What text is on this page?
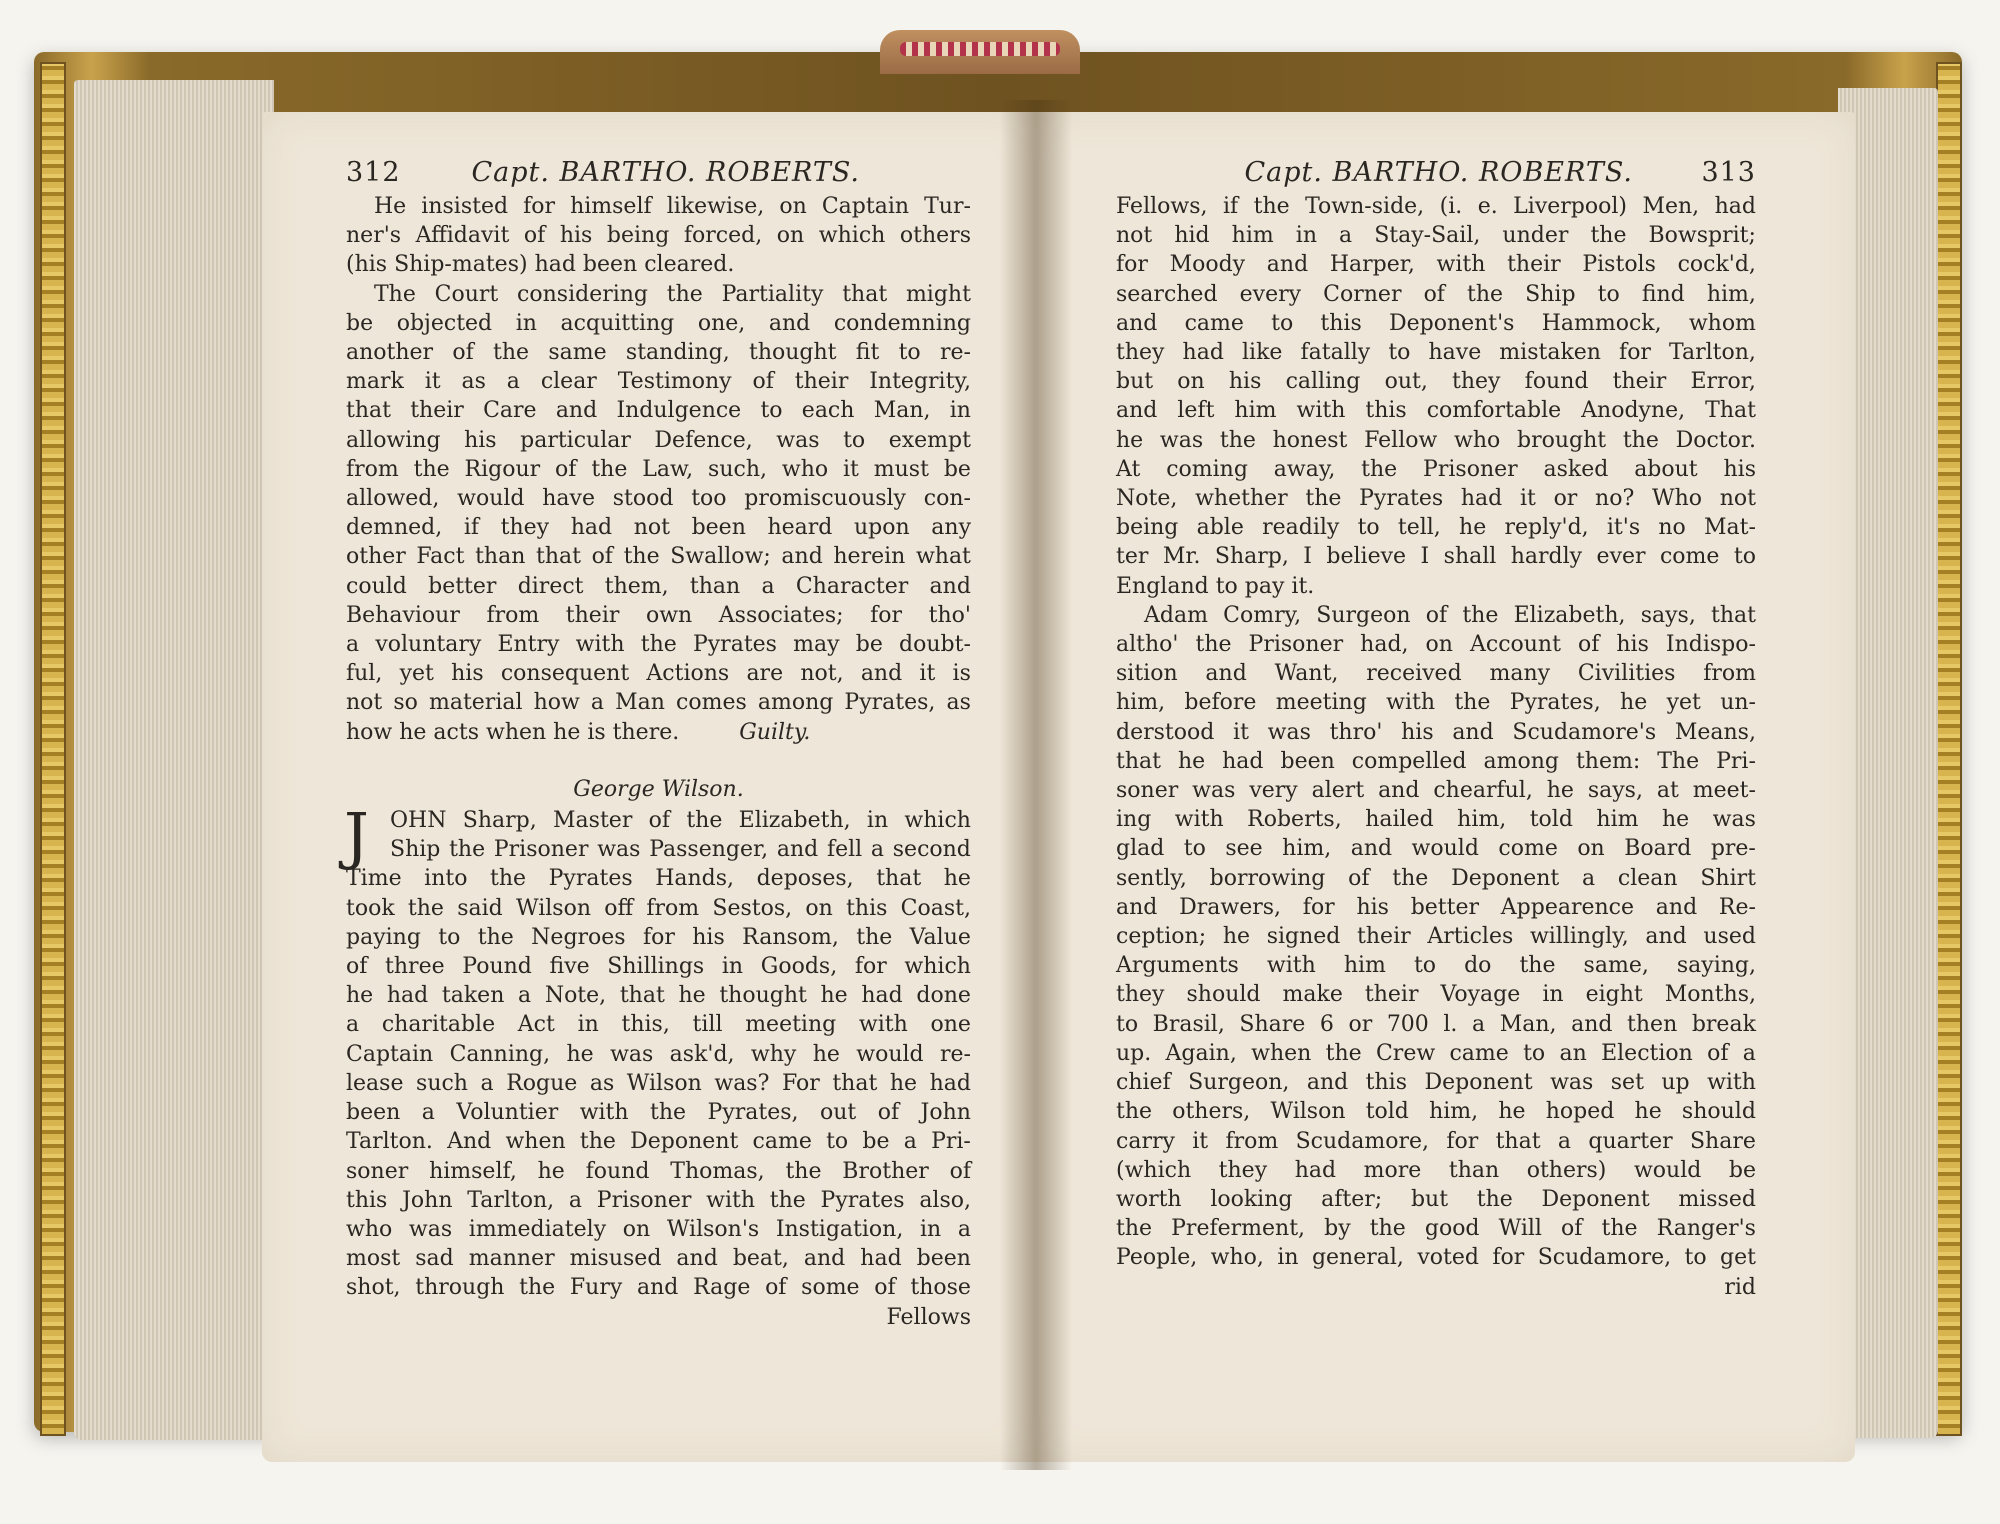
312	Capt. BARTHO. ROBERTS.
He insisted for himself likewise, on Captain Tur-
ner's Affidavit of his being forced, on which others
(his Ship-mates) had been cleared.
The Court considering the Partiality that might
be objected in acquitting one, and condemning
another of the same standing, thought fit to re-
mark it as a clear Testimony of their Integrity,
that their Care and Indulgence to each Man, in
allowing his particular Defence, was to exempt
from the Rigour of the Law, such, who it must be
allowed, would have stood too promiscuously con-
demned, if they had not been heard upon any
other Fact than that of the Swallow; and herein what
could better direct them, than a Character and
Behaviour from their own Associates; for tho'
a voluntary Entry with the Pyrates may be doubt-
ful, yet his consequent Actions are not, and it is
not so material how a Man comes among Pyrates, as
how he acts when he is there.	Guilty.
George Wilson.
J OHN Sharp, Master of the Elizabeth, in which
Ship the Prisoner was Passenger, and fell a second
Time into the Pyrates Hands, deposes, that he
took the said Wilson off from Sestos, on this Coast,
paying to the Negroes for his Ransom, the Value
of three Pound five Shillings in Goods, for which
he had taken a Note, that he thought he had done
a charitable Act in this, till meeting with one
Captain Canning, he was ask'd, why he would re-
lease such a Rogue as Wilson was? For that he had
been a Voluntier with the Pyrates, out of John
Tarlton. And when the Deponent came to be a Pri-
soner himself, he found Thomas, the Brother of
this John Tarlton, a Prisoner with the Pyrates also,
who was immediately on Wilson's Instigation, in a
most sad manner misused and beat, and had been
shot, through the Fury and Rage of some of those
Fellows
Capt. BARTHO. ROBERTS.	313
Fellows, if the Town-side, (i. e. Liverpool) Men, had
not hid him in a Stay-Sail, under the Bowsprit;
for Moody and Harper, with their Pistols cock'd,
searched every Corner of the Ship to find him,
and came to this Deponent's Hammock, whom
they had like fatally to have mistaken for Tarlton,
but on his calling out, they found their Error,
and left him with this comfortable Anodyne, That
he was the honest Fellow who brought the Doctor.
At coming away, the Prisoner asked about his
Note, whether the Pyrates had it or no? Who not
being able readily to tell, he reply'd, it's no Mat-
ter Mr. Sharp, I believe I shall hardly ever come to
England to pay it.
Adam Comry, Surgeon of the Elizabeth, says, that
altho' the Prisoner had, on Account of his Indispo-
sition and Want, received many Civilities from
him, before meeting with the Pyrates, he yet un-
derstood it was thro' his and Scudamore's Means,
that he had been compelled among them: The Pri-
soner was very alert and chearful, he says, at meet-
ing with Roberts, hailed him, told him he was
glad to see him, and would come on Board pre-
sently, borrowing of the Deponent a clean Shirt
and Drawers, for his better Appearence and Re-
ception; he signed their Articles willingly, and used
Arguments with him to do the same, saying,
they should make their Voyage in eight Months,
to Brasil, Share 6 or 700 l. a Man, and then break
up. Again, when the Crew came to an Election of a
chief Surgeon, and this Deponent was set up with
the others, Wilson told him, he hoped he should
carry it from Scudamore, for that a quarter Share
(which they had more than others) would be
worth looking after; but the Deponent missed
the Preferment, by the good Will of the Ranger's
People, who, in general, voted for Scudamore, to get
rid
